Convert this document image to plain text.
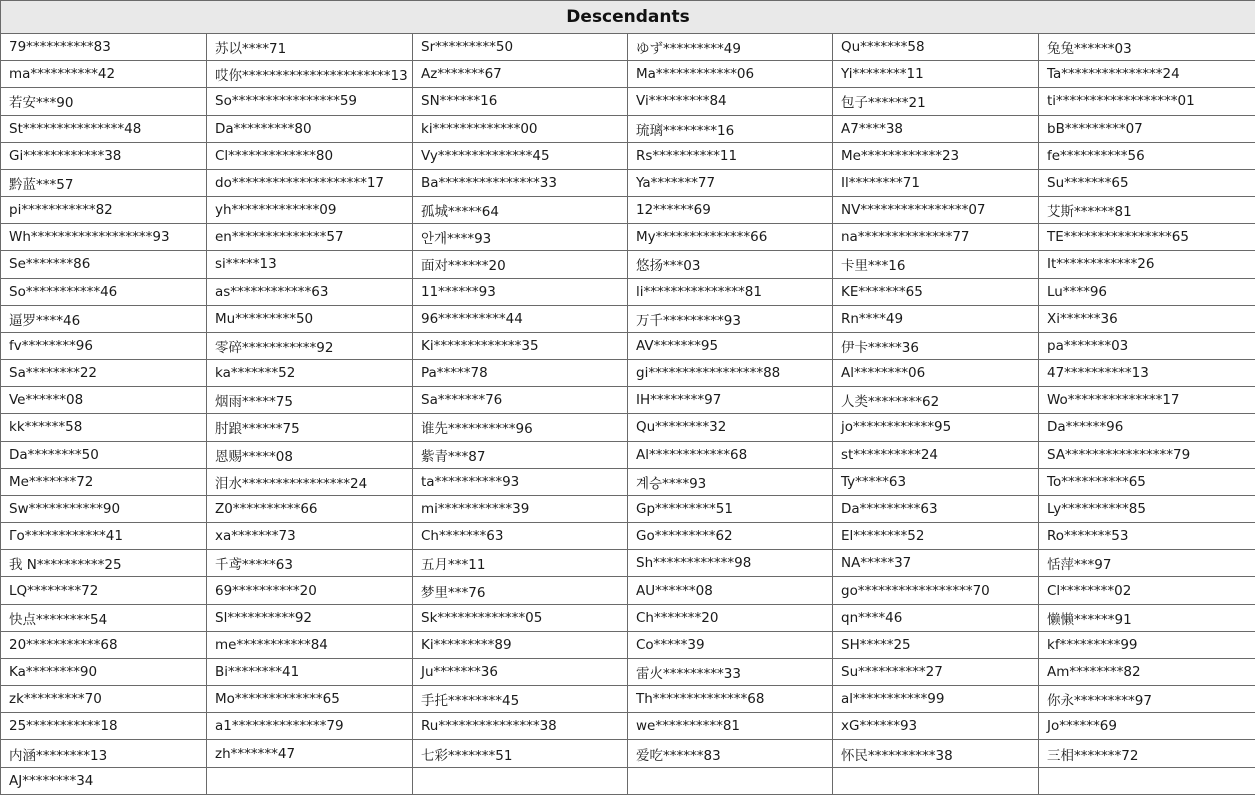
Descendants					
79**********83	苏以****71	Sr*********50	ゆず*********49	Qu*******58	兔兔******03
ma**********42	哎你**********************13	Az*******67	Ma************06	Yi********11	Ta***************24
若安***90	So****************59	SN******16	Vi*********84	包子******21	ti******************01
St***************48	Da*********80	ki*************00	琉璃********16	A7****38	bB*********07
Gi************38	Cl*************80	Vy**************45	Rs**********11	Me************23	fe**********56
黔蓝***57	do********************17	Ba***************33	Ya*******77	Il********71	Su*******65
pi***********82	yh*************09	孤城*****64	12******69	NV****************07	艾斯******81
Wh******************93	en**************57	안개****93	My**************66	na**************77	TE****************65
Se*******86	si*****13	面对******20	悠扬***03	卡里***16	It************26
So***********46	as************63	11******93	li***************81	KE*******65	Lu****96
逼罗****46	Mu*********50	96**********44	万千*********93	Rn****49	Xi******36
fv********96	零碎***********92	Ki*************35	AV*******95	伊卡*****36	pa*******03
Sa********22	ka*******52	Pa*****78	gi*****************88	Al********06	47**********13
Ve******08	烟雨*****75	Sa*******76	IH********97	人类********62	Wo**************17
kk******58	肘踉******75	谁先**********96	Qu********32	jo************95	Da******96
Da********50	恩赐*****08	紫青***87	Al************68	st**********24	SA****************79
Me*******72	泪水****************24	ta**********93	계승****93	Ty*****63	To**********65
Sw***********90	Z0**********66	mi***********39	Gp*********51	Da*********63	Ly**********85
Γo************41	xa*******73	Ch*******63	Go*********62	El********52	Ro*******53
我 N**********25	千鸢*****63	五月***11	Sh************98	NA*****37	恬萍***97
LQ********72	69**********20	梦里***76	AU******08	go*****************70	Cl********02
快点********54	Sl**********92	Sk*************05	Ch*******20	qn****46	懒懒******91
20***********68	me***********84	Ki*********89	Co*****39	SH*****25	kf*********99
Ka********90	Bi********41	Ju*******36	雷火*********33	Su**********27	Am********82
zk*********70	Mo*************65	手托********45	Th**************68	al***********99	你永*********97
25***********18	a1**************79	Ru***************38	we**********81	xG******93	Jo******69
内涵********13	zh*******47	七彩*******51	爱吃******83	怀民**********38	三相*******72
AJ********34					
